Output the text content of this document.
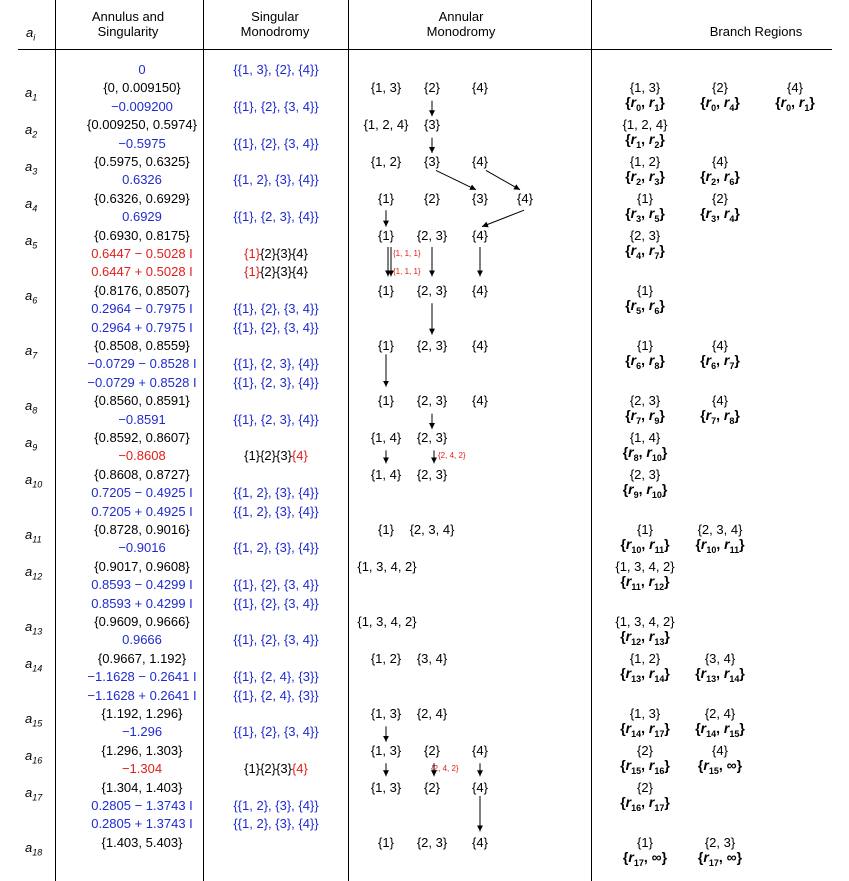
$a_i$
Annulus and
Singularity
Singular
Monodromy
Annular
Monodromy	Branch Regions
$a_1$
$a_2$
$a_3$
$a_4$
$a_5$
$a_6$
$a_7$
$a_8$
$a_9$
$a_{10}$
$a_{11}$
$a_{12}$
$a_{13}$
$a_{14}$
$a_{15}$
$a_{16}$
$a_{17}$
$a_{18}$
0
{0, 0.009150}
−0.009200
{0.009250, 0.5974}
−0.5975
{0.5975, 0.6325}
0.6326
{0.6326, 0.6929}
0.6929
{0.6930, 0.8175}
0.6447 − 0.5028 I
0.6447 + 0.5028 I
{0.8176, 0.8507}
0.2964 − 0.7975 I
0.2964 + 0.7975 I
{0.8508, 0.8559}
−0.0729 − 0.8528 I
−0.0729 + 0.8528 I
{0.8560, 0.8591}
−0.8591
{0.8592, 0.8607}
−0.8608
{0.8608, 0.8727}
0.7205 − 0.4925 I
0.7205 + 0.4925 I
{0.8728, 0.9016}
−0.9016
{0.9017, 0.9608}
0.8593 − 0.4299 I
0.8593 + 0.4299 I
{0.9609, 0.9666}
0.9666
{0.9667, 1.192}
−1.1628 − 0.2641 I
−1.1628 + 0.2641 I
{1.192, 1.296}
−1.296
{1.296, 1.303}
−1.304
{1.304, 1.403}
0.2805 − 1.3743 I
0.2805 + 1.3743 I
{1.403, 5.403}
{{1, 3}, {2}, {4}}
{{1}, {2}, {3, 4}}
{{1}, {2}, {3, 4}}
{{1, 2}, {3}, {4}}
{{1}, {2, 3}, {4}}
{1}{2}{3}{4}
{1}{2}{3}{4}
{{1}, {2}, {3, 4}}
{{1}, {2}, {3, 4}}
{{1}, {2, 3}, {4}}
{{1}, {2, 3}, {4}}
{{1}, {2, 3}, {4}}
{1}{2}{3}{4}
{{1, 2}, {3}, {4}}
{{1, 2}, {3}, {4}}
{{1, 2}, {3}, {4}}
{{1}, {2}, {3, 4}}
{{1}, {2}, {3, 4}}
{{1}, {2}, {3, 4}}
{{1}, {2, 4}, {3}}
{{1}, {2, 4}, {3}}
{{1}, {2}, {3, 4}}
{1}{2}{3}{4}
{{1, 2}, {3}, {4}}
{{1, 2}, {3}, {4}}
{1, 3} {2} {4}
{1, 2, 4} {3}
{1, 2} {3} {4}
{1} {2} {3} {4}
{1} {2, 3} {4}
{1} {2, 3} {4}
{1} {2, 3} {4}
{1} {2, 3} {4}
{1, 4} {2, 3}
{1, 4} {2, 3}
{1} {2, 3, 4}
{1, 3, 4, 2}
{1, 3, 4, 2}
{1, 2} {3, 4}
{1, 3} {2, 4}
{1, 3} {2} {4}
{1, 3} {2} {4}
{1} {2, 3} {4}
{1, 1, 1}
{1, 1, 1}
{2, 4, 2}
{2, 4, 2}
{1, 3}
{$r_0$, $r_1$}
{2}
{$r_0$, $r_4$}
{4}
{$r_0$, $r_1$}
{1, 2, 4}
{$r_1$, $r_2$}
{1, 2}
{$r_2$, $r_3$}
{4}
{$r_2$, $r_6$}
{1}
{$r_3$, $r_5$}
{2}
{$r_3$, $r_4$}
{2, 3}
{$r_4$, $r_7$}
{1}
{$r_5$, $r_6$}
{1}
{$r_6$, $r_8$}
{4}
{$r_6$, $r_7$}
{2, 3}
{$r_7$, $r_9$}
{4}
{$r_7$, $r_8$}
{1, 4}
{$r_8$, $r_{10}$}
{2, 3}
{$r_9$, $r_{10}$}
{1}
{$r_{10}$, $r_{11}$}
{2, 3, 4}
{$r_{10}$, $r_{11}$}
{1, 3, 4, 2}
{$r_{11}$, $r_{12}$}
{1, 3, 4, 2}
{$r_{12}$, $r_{13}$}
{1, 2}
{$r_{13}$, $r_{14}$}
{3, 4}
{$r_{13}$, $r_{14}$}
{1, 3}
{$r_{14}$, $r_{17}$}
{2, 4}
{$r_{14}$, $r_{15}$}
{2}
{$r_{15}$, $r_{16}$}
{4}
{$r_{15}$, ∞}
{2}
{$r_{16}$, $r_{17}$}
{1}
{$r_{17}$, ∞}
{2, 3}
{$r_{17}$, ∞}
